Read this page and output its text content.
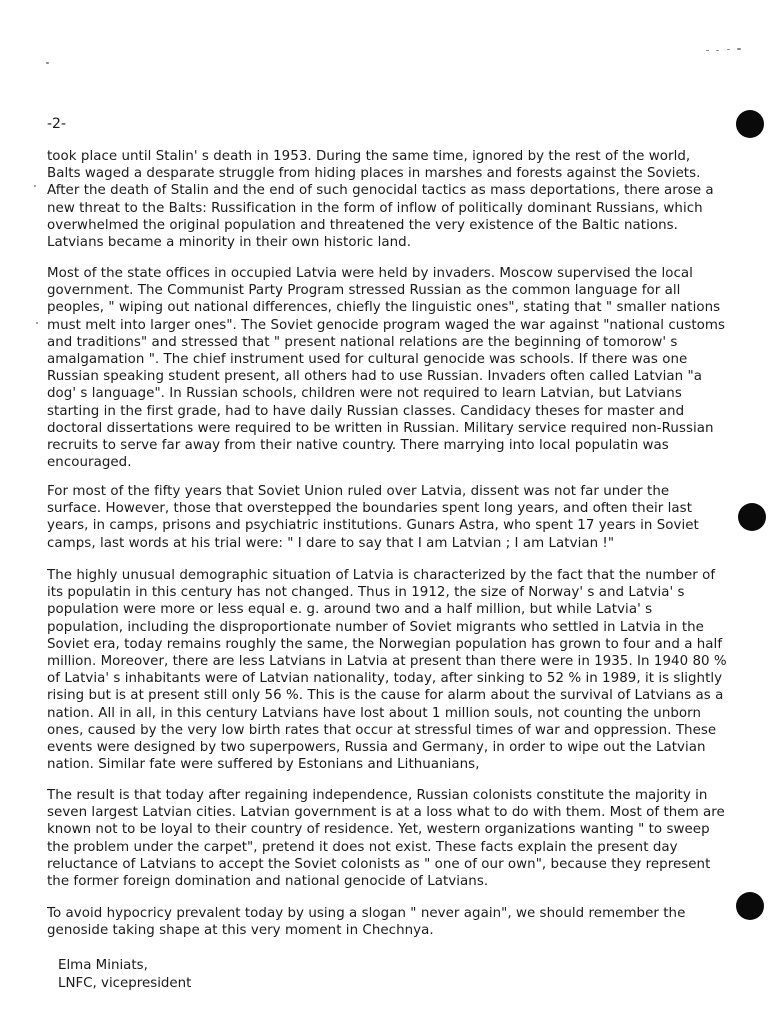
-2-

took place until Stalin' s death in 1953. During the same time, ignored by the rest of the world, Balts waged a desparate struggle from hiding places in marshes and forests against the Soviets. After the death of Stalin and the end of such genocidal tactics as mass deportations, there arose a new threat to the Balts: Russification in the form of inflow of politically dominant Russians, which overwhelmed the original population and threatened the very existence of the Baltic nations. Latvians became a minority in their own historic land.

Most of the state offices in occupied Latvia were held by invaders. Moscow supervised the local government. The Communist Party Program stressed Russian as the common language for all peoples, " wiping out national differences, chiefly the linguistic ones", stating that " smaller nations must melt into larger ones". The Soviet genocide program waged the war against "national customs and traditions" and stressed that " present national relations are the beginning of tomorow' s amalgamation ". The chief instrument used for cultural genocide was schools. If there was one Russian speaking student present, all others had to use Russian. Invaders often called Latvian "a dog' s language". In Russian schools, children were not required to learn Latvian, but Latvians starting in the first grade, had to have daily Russian classes. Candidacy theses for master and doctoral dissertations were required to be written in Russian. Military service required non-Russian recruits to serve far away from their native country. There marrying into local populatin was encouraged.

For most of the fifty years that Soviet Union ruled over Latvia, dissent was not far under the surface. However, those that overstepped the boundaries spent long years, and often their last years, in camps, prisons and psychiatric institutions. Gunars Astra, who spent 17 years in Soviet camps, last words at his trial were: " I dare to say that I am Latvian ; I am Latvian !"

The highly unusual demographic situation of Latvia is characterized by the fact that the number of its populatin in this century has not changed. Thus in 1912, the size of Norway' s and Latvia' s population were more or less equal e. g. around two and a half million, but while Latvia' s population, including the disproportionate number of Soviet migrants who settled in Latvia in the Soviet era, today remains roughly the same, the Norwegian population has grown to four and a half million. Moreover, there are less Latvians in Latvia at present than there were in 1935. In 1940 80 % of Latvia' s inhabitants were of Latvian nationality, today, after sinking to 52 % in 1989, it is slightly rising but is at present still only 56 %. This is the cause for alarm about the survival of Latvians as a nation. All in all, in this century Latvians have lost about 1 million souls, not counting the unborn ones, caused by the very low birth rates that occur at stressful times of war and oppression. These events were designed by two superpowers, Russia and Germany, in order to wipe out the Latvian nation. Similar fate were suffered by Estonians and Lithuanians,

The result is that today after regaining independence, Russian colonists constitute the majority in seven largest Latvian cities. Latvian government is at a loss what to do with them. Most of them are known not to be loyal to their country of residence. Yet, western organizations wanting " to sweep the problem under the carpet", pretend it does not exist. These facts explain the present day reluctance of Latvians to accept the Soviet colonists as " one of our own", because they represent the former foreign domination and national genocide of Latvians.

To avoid hypocricy prevalent today by using a slogan " never again", we should remember the genoside taking shape at this very moment in Chechnya.

Elma Miniats,
LNFC, vicepresident
